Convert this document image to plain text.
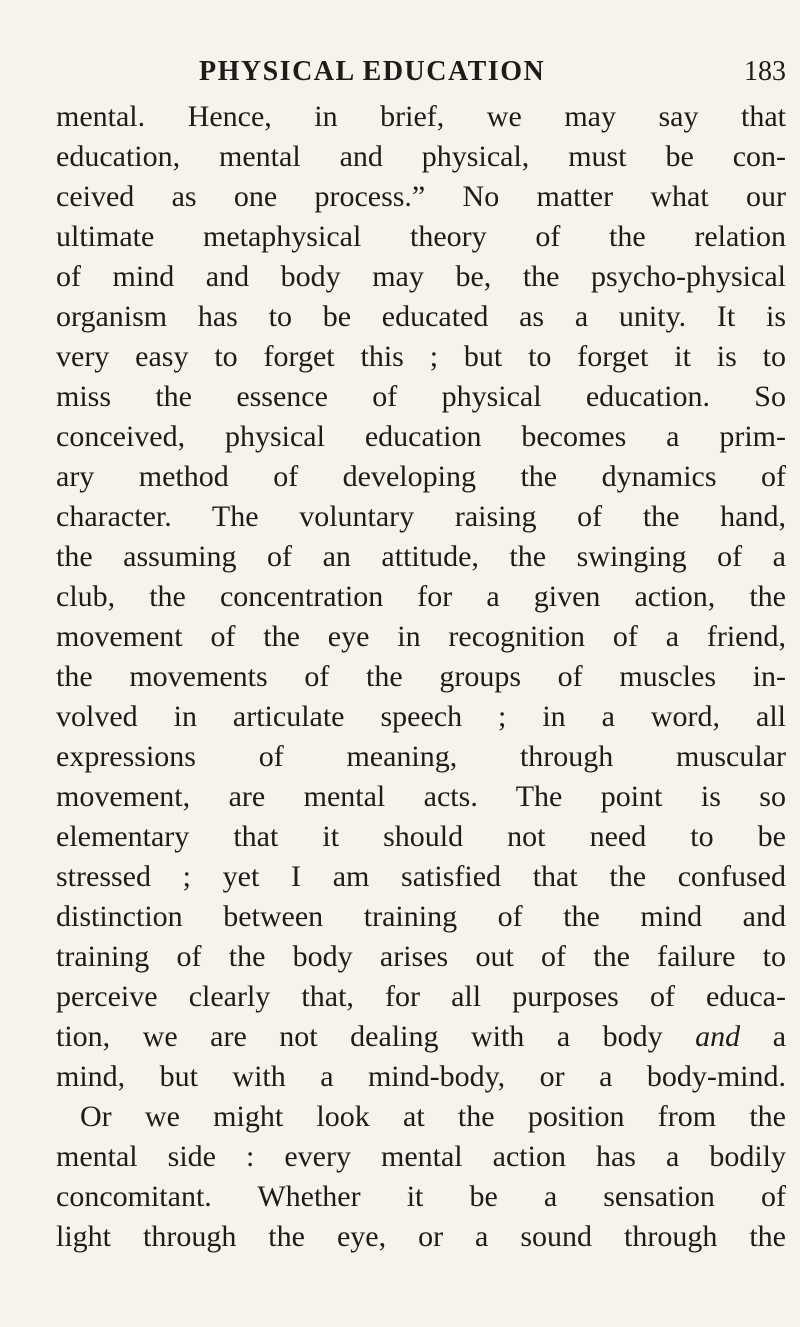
PHYSICAL EDUCATION	183
mental. Hence, in brief, we may say that
education, mental and physical, must be con-
ceived as one process.” No matter what our
ultimate metaphysical theory of the relation
of mind and body may be, the psycho-physical
organism has to be educated as a unity. It is
very easy to forget this ; but to forget it is to
miss the essence of physical education. So
conceived, physical education becomes a prim-
ary method of developing the dynamics of
character. The voluntary raising of the hand,
the assuming of an attitude, the swinging of a
club, the concentration for a given action, the
movement of the eye in recognition of a friend,
the movements of the groups of muscles in-
volved in articulate speech ; in a word, all
expressions of meaning, through muscular
movement, are mental acts. The point is so
elementary that it should not need to be
stressed ; yet I am satisfied that the confused
distinction between training of the mind and
training of the body arises out of the failure to
perceive clearly that, for all purposes of educa-
tion, we are not dealing with a body and a
mind, but with a mind-body, or a body-mind.
Or we might look at the position from the
mental side : every mental action has a bodily
concomitant. Whether it be a sensation of
light through the eye, or a sound through the
